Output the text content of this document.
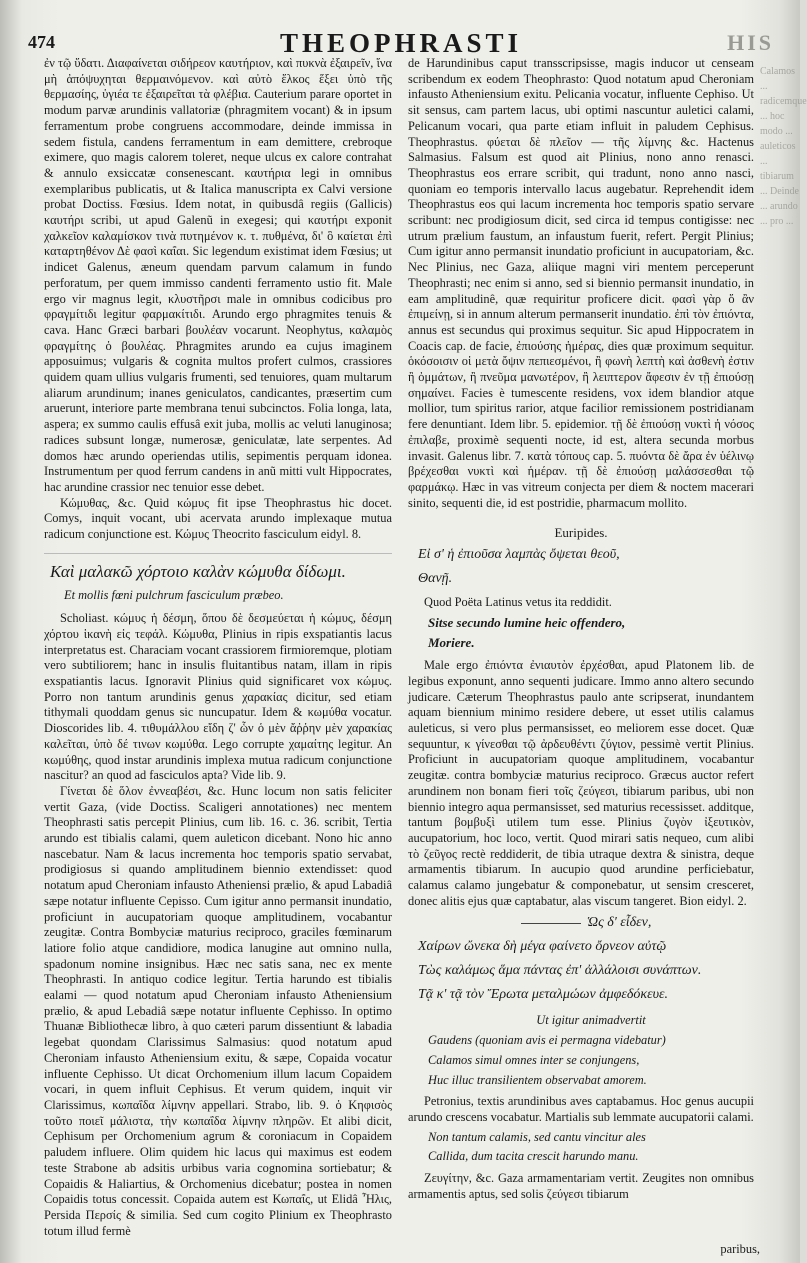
474	THEOPHRASTI	HIS

ἐν τῷ ὕδατι. Διαφαίνεται σιδήρεον καυτήριον, καὶ πυκνὰ ἐξαιρεῖν, ἵνα μὴ ἀπόψυχηται θερμαινόμενον. καὶ αὐτὸ ἕλκος ἕξει ὑπὸ τῆς θερμασίης, ὑγιέα τε ἐξαιρεῖται τὰ φλέβια. Cauterium parare oportet in modum parvæ arundinis vallatoriæ (phragmitem vocant) & in ipsum ferramentum probe congruens accommodare, deinde immissa in sedem fistula, candens ferramentum in eam demittere, crebroque eximere, quo magis calorem toleret, neque ulcus ex calore contrahat & annulo exsiccatæ consenescant. καυτήρια legi in omnibus exemplaribus publicatis, ut & Italica manuscripta ex Calvi versione probat Doctiss. Fœsius. Idem notat, in quibusdâ regiis (Gallicis) καυτήρι scribi, ut apud Galenũ in exegesi; qui καυτήρι exponit χαλκεῖον καλαμίσκον τινὰ πυτημένον κ. τ. πυθμένα, δι' ὃ καίεται ἐπὶ καταρτηθένον Δὲ φασὶ καΐαι. Sic legendum existimat idem Fœsius; ut indicet Galenus, æneum quendam parvum calamum in fundo perforatum, per quem immisso candenti ferramento ustio fit. Male ergo vir magnus legit, κλυστῆρσι male in omnibus codicibus pro φραγμίτιδι legitur φαρμακίτιδι. Arundo ergo phragmites tenuis & cava. Hanc Græci barbari βουλέαν vocarunt. Neophytus, καλαμὸς φραγμίτης ὁ βουλέας. Phragmites arundo ea cujus imaginem apposuimus; vulgaris & cognita multos profert culmos, crassiores quidem quam ullius vulgaris frumenti, sed tenuiores, quam multarum aliarum arundinum; inanes geniculatos, candicantes, præsertim cum aruerunt, interiore parte membrana tenui subcinctos. Folia longa, lata, aspera; ex summo caulis effusâ exit juba, mollis ac veluti lanuginosa; radices subsunt longæ, numerosæ, geniculatæ, late serpentes. Ad domos hæc arundo operiendas utilis, sepimentis perquam idonea. Instrumentum per quod ferrum candens in anũ mitti vult Hippocrates, hac arundine crassior nec tenuior esse debet.

Κώμυθας, &c. Quid κώμυς fit ipse Theophrastus hic docet. Comys, inquit vocant, ubi acervata arundo implexaque mutua radicum conjunctione est. Κώμυς Theocrito fasciculum eidyl. 8.

Καὶ μαλακῶ χόρτοιο καλὰν κώμυθα δίδωμι.
Et mollis fœni pulchrum fasciculum præbeo.

Scholiast. κώμυς ἡ δέσμη, ὅπου δὲ δεσμεύεται ἡ κώμυς, δέσμη χόρτου ἱκανὴ εἰς τεφάλ. Κώμυθα, Plinius in ripis exspatiantis lacus interpretatus est. Characiam vocant crassiorem firmioremque, plotiam vero subtiliorem; hanc in insulis fluitantibus natam, illam in ripis exspatiantis lacus. Ignoravit Plinius quid significaret vox κώμυς. Porro non tantum arundinis genus χαρακίας dicitur, sed etiam tithymali quoddam genus sic nuncupatur. Idem & κωμύθα vocatur. Dioscorides lib. 4. τιθυμάλλου εἴδη ζ' ὧν ὁ μὲν ἄῤῥην μὲν χαρακίας καλεῖται, ὑπὸ δέ τινων κωμύθα. Lego corrupte χαμαίτης legitur. An κωμύθης, quod instar arundinis implexa mutua radicum conjunctione nascitur? an quod ad fasciculos apta? Vide lib. 9.

Γίνεται δὲ ὅλον ἐννεαβέσι, &c. Hunc locum non satis feliciter vertit Gaza, (vide Doctiss. Scaligeri annotationes) nec mentem Theophrasti satis percepit Plinius, cum lib. 16. c. 36. scribit, Tertia arundo est tibialis calami, quem auleticon dicebant. Nono hic anno nascebatur. Nam & lacus incrementa hoc temporis spatio servabat, prodigiosus si quando amplitudinem biennio extendisset: quod notatum apud Cheroniam infausto Atheniensi prælio, & apud Labadiâ sæpe notatur influente Cepisso. Cum igitur anno permansit inundatio, proficiunt in aucupatoriam quoque amplitudinem, vocabantur zeugitæ. Contra Bombyciæ maturius reciproco, graciles fœminarum latiore folio atque candidiore, modica lanugine aut omnino nulla, spadonum nomine insignibus. Hæc nec satis sana, nec ex mente Theophrasti. In antiquo codice legitur. Tertia harundo est tibialis ealami — quod notatum apud Cheroniam infausto Atheniensium prælio, & apud Lebadiâ sæpe notatur influente Cephisso. In optimo Thuanæ Bibliothecæ libro, à quo cæteri parum dissentiunt & labadia legebat quondam Clarissimus Salmasius: quod notatum apud Cheroniam infausto Atheniensium exitu, & sæpe, Copaida vocatur influente Cephisso. Ut dicat Orchomenium illum lacum Copaidem vocari, in quem influit Cephisus. Et verum quidem, inquit vir Clarissimus, κωπαΐδα λίμνην appellari. Strabo, lib. 9. ὁ Κηφισὸς τοῦτο ποιεῖ μάλιστα, τὴν κωπαΐδα λίμνην πληρῶν. Et alibi dicit, Cephisum per Orchomenium agrum & coroniacum in Copaidem paludem influere. Olim quidem hic lacus qui maximus est eodem teste Strabone ab adsitis urbibus varia cognomina sortiebatur; & Copaidis & Haliartius, & Orchomenius dicebatur; postea in nomen Copaidis totus concessit. Copaida autem est Κωπαΐς, ut Elidâ Ἦλις, Persida Περσίς & similia. Sed cum cogito Plinium ex Theophrasto totum illud fermè

de Harundinibus caput transscripsisse, magis inducor ut censeam scribendum ex eodem Theophrasto: Quod notatum apud Cheroniam infausto Atheniensium exitu. Pelicania vocatur, influente Cephiso. Ut sit sensus, cam partem lacus, ubi optimi nascuntur auletici calami, Pelicanum vocari, qua parte etiam influit in paludem Cephisus. Theophrastus. φύεται δὲ πλεῖον — τῆς λίμνης &c. Hactenus Salmasius. Falsum est quod ait Plinius, nono anno renasci. Theophrastus eos errare scribit, qui tradunt, nono anno nasci, quoniam eo temporis intervallo lacus augebatur. Reprehendit idem Theophrastus eos qui lacum incrementa hoc temporis spatio servare scribunt: nec prodigiosum dicit, sed circa id tempus contigisse: nec utrum prælium faustum, an infaustum fuerit, refert. Pergit Plinius; Cum igitur anno permansit inundatio proficiunt in aucupatoriam, &c. Nec Plinius, nec Gaza, aliique magni viri mentem perceperunt Theophrasti; nec enim si anno, sed si biennio permansit inundatio, in eam amplitudinê, quæ requiritur proficere dicit. φασὶ γὰρ ὅ ἂν ἐπιμείνῃ, si in annum alterum permanserit inundatio. ἐπὶ τὸν ἐπιόντα, annus est secundus qui proximus sequitur. Sic apud Hippocratem in Coacis cap. de facie, ἐπιούσης ἡμέρας, dies quæ proximum sequitur. ὁκόσοισιν οἱ μετὰ ὄψιν πεπιεσμένοι, ἢ φωνὴ λεπτὴ καὶ ἀσθενὴ ἐστιν ἢ ὀμμάτων, ἢ πνεῦμα μανωτέρον, ἢ λειπτερον ἄφεσιν ἐν τῇ ἐπιούσῃ σημαίνει. Facies è tumescente residens, vox idem blandior atque mollior, tum spiritus rarior, atque facilior remissionem postridianam fere denuntiant. Idem libr. 5. epidemior. τῇ δὲ ἐπιούσῃ νυκτὶ ἡ νόσος ἐπιλαβε, proximè sequenti nocte, id est, altera secunda morbus invasit. Galenus libr. 7. κατὰ τόπους cap. 5. πυόντα δὲ ἄρα ἐν ὑέλινῳ βρέχεσθαι νυκτὶ καὶ ἡμέραν. τῇ δὲ ἐπιούσῃ μαλάσσεσθαι τῷ φαρμάκῳ. Hæc in vas vitreum conjecta per diem & noctem macerari sinito, sequenti die, id est postridie, pharmacum mollito.

Euripides.
Εἰ σ' ἡ ἐπιοῦσα λαμπὰς ὄψεται θεοῦ,
Θανῇ.

Quod Poëta Latinus vetus ita reddidit.

Sitse secundo lumine heic offendero,
Moriere.

Male ergo ἐπιόντα ἐνιαυτὸν ἐρχέσθαι, apud Platonem lib. de legibus exponunt, anno sequenti judicare. Immo anno altero secundo judicare. Cæterum Theophrastus paulo ante scripserat, inundantem aquam biennium minimo residere debere, ut esset utilis calamus auleticus, si vero plus permansisset, eo meliorem esse docet. Quæ sequuntur, κ γίνεσθαι τῷ ἀρδευθέντι ζύγιον, pessimè vertit Plinius. Proficiunt in aucupatoriam quoque amplitudinem, vocabantur zeugitæ. contra bombyciæ maturius reciproco. Græcus auctor refert arundinem non bonam fieri τοῖς ζεύγεσι, tibiarum paribus, ubi non biennio integro aqua permansisset, sed maturius recessisset. additque, tantum βομβυξὶ utilem tum esse. Plinius ζυγὸν ἰξευτικὸν, aucupatorium, hoc loco, vertit. Quod mirari satis nequeo, cum alibi τὸ ζεῦγος rectè reddiderit, de tibia utraque dextra & sinistra, deque armamentis tibiarum. In aucupio quod arundine perficiebatur, calamus calamo jungebatur & componebatur, ut sensim cresceret, donec alitis ejus quæ captabatur, alas viscum tangeret. Bion eidyl. 2.

Ὡς δ' εἶδεν,
Χαίρων ὤνεκα δὴ μέγα φαίνετο ὄρνεον αὐτῷ
Τὼς καλάμως ἅμα πάντας ἐπ' ἀλλάλοισι συνάπτων.
Τᾷ κ' τᾷ τὸν Ἔρωτα μεταλμώων ἀμφεδόκευε.
Ut igitur animadvertit
Gaudens (quoniam avis ei permagna videbatur)
Calamos simul omnes inter se conjungens,
Huc illuc transilientem observabat amorem.

Petronius, textis arundinibus aves captabamus. Hoc genus aucupii arundo crescens vocabatur. Martialis sub lemmate aucupatorii calami.

Non tantum calamis, sed cantu vincitur ales
Callida, dum tacita crescit harundo manu.

Ζευγίτην, &c. Gaza armamentariam vertit. Zeugites non omnibus armamentis aptus, sed solis ζεύγεσι tibiarum

Calamos ... radicemque ... hoc modo ... auleticos ... tibiarum ... Deinde ... arundo ... pro ...
paribus,
